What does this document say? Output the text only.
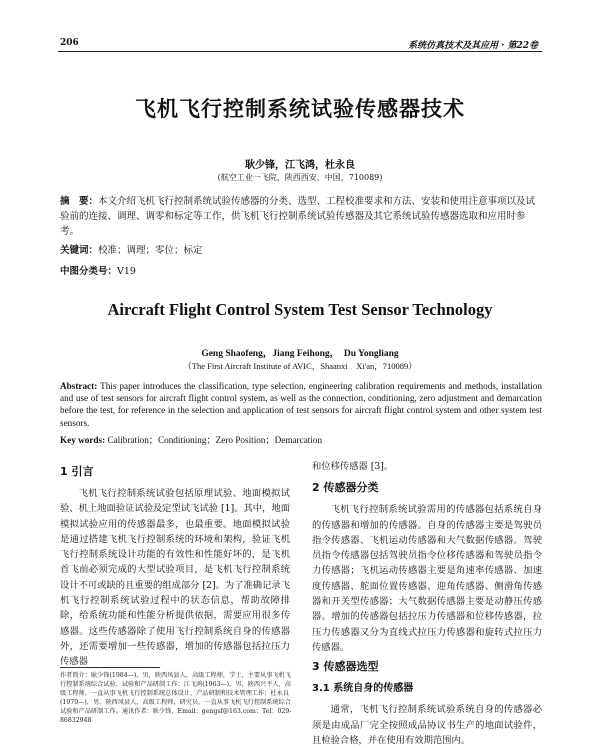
206	系统仿真技术及其应用 · 第22卷
飞机飞行控制系统试验传感器技术
耿少锋，江飞鸿，杜永良
(航空工业一飞院，陕西西安，中国，710089)
摘　要：本文介绍飞机飞行控制系统试验传感器的分类、选型、工程校准要求和方法、安装和使用注意事项以及试验前的连接、调理、调零和标定等工作，供飞机飞行控制系统试验传感器及其它系统试验传感器选取和应用时参考。
关键词：校准；调理；零位；标定
中图分类号：V19
Aircraft Flight Control System Test Sensor Technology
Geng Shaofeng，Jiang Feihong，　Du Yongliang
（The First Aircraft Institute of AVIC，Shaanxi　Xi'an，710089）
Abstract: This paper introduces the classification, type selection, engineering calibration requirements and methods, installation and use of test sensors for aircraft flight control system, as well as the connection, conditioning, zero adjustment and demarcation before the test, for reference in the selection and application of test sensors for aircraft flight control system and other system test sensors.
Key words: Calibration；Conditioning；Zero Position；Demarcation
1 引言

飞机飞行控制系统试验包括原理试验、地面模拟试验、机上地面验证试验及定型试飞试验 [1]。其中，地面模拟试验应用的传感器最多，也最重要。地面模拟试验是通过搭建飞机飞行控制系统的环境和架构，验证飞机飞行控制系统设计功能的有效性和性能好坏的，是飞机首飞前必须完成的大型试验项目，是飞机飞行控制系统设计不可或缺的且重要的组成部分 [2]。为了准确记录飞机飞行控制系统试验过程中的状态信息，帮助故障排除，给系统功能和性能分析提供依据，需要应用很多传感器。这些传感器除了使用飞行控制系统自身的传感器外，还需要增加一些传感器，增加的传感器包括拉压力传感器

和位移传感器 [3]。

2 传感器分类

飞机飞行控制系统试验需用的传感器包括系统自身的传感器和增加的传感器。自身的传感器主要是驾驶员指令传感器、飞机运动传感器和大气数据传感器。驾驶员指令传感器包括驾驶员指令位移传感器和驾驶员指令力传感器；飞机运动传感器主要是角速率传感器、加速度传感器、舵面位置传感器、迎角传感器、侧滑角传感器和开关型传感器；大气数据传感器主要是动静压传感器。增加的传感器包括拉压力传感器和位移传感器，拉压力传感器又分为直线式拉压力传感器和旋转式拉压力传感器。

3 传感器选型
3.1 系统自身的传感器

通常，飞机飞行控制系统试验系统自身的传感器必须是由成品厂完全按照成品协议书生产的地面试验件，且检验合格，并在使用有效期范围内。

作者简介：耿少锋(1984—)，男，陕西凤县人，高级工程师，学士，主要从事飞机飞行控制系统综合试验、试验和产品研制工作；江飞鸿(1963—)，男，陕西兴平人，高级工程师，一直从事飞机飞行控制系统总体设计、产品研制和技术管理工作；杜永良(1979—)，男，陕西凤县人，高级工程师，研究员，一直从事飞机飞行控制系统综合试验和产品研制工作。通讯作者：耿少锋，Email：gengsf@163.com；Tel：029-86832948
